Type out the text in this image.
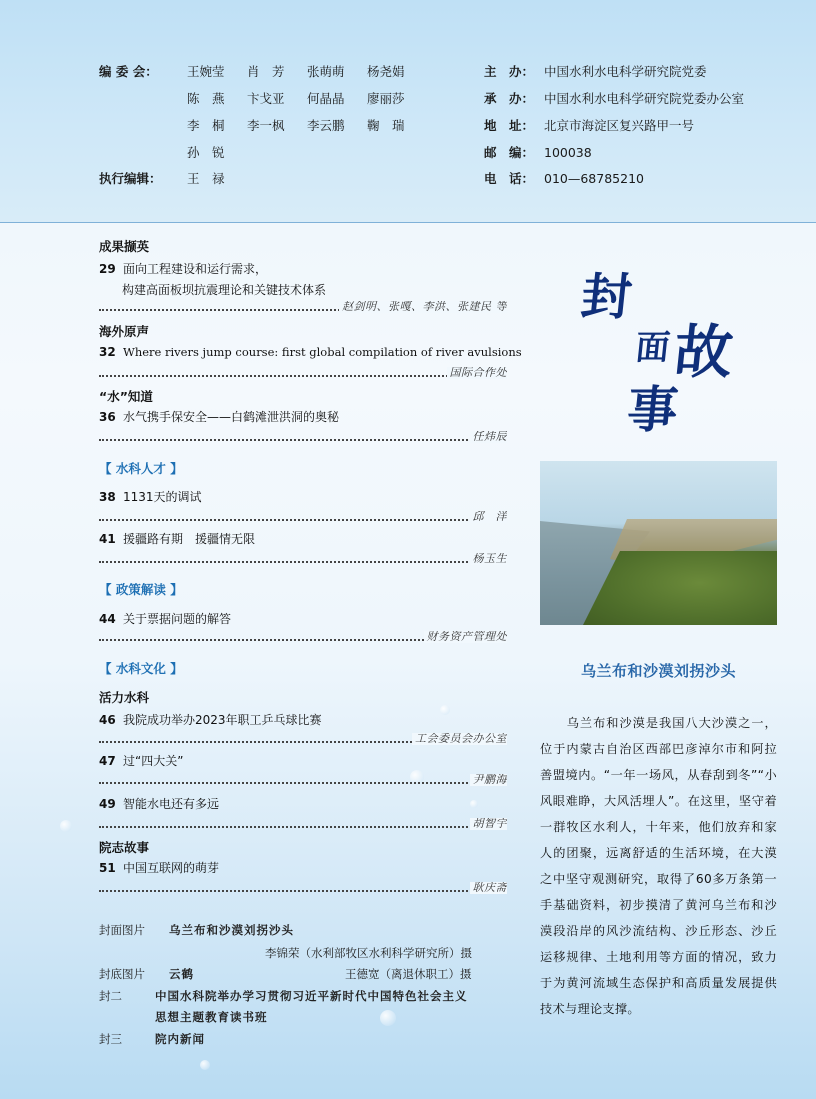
编 委 会： 王婉莹 肖　芳 张萌萌 杨尧娟
陈　燕 卞戈亚 何晶晶 廖丽莎
李　桐 李一枫 李云鹏 鞠　瑞
孙　锐
执行编辑： 王　禄
主　办： 中国水利水电科学研究院党委
承　办： 中国水利水电科学研究院党委办公室
地　址： 北京市海淀区复兴路甲一号
邮　编： 100038
电　话： 010—68785210
成果撷英
29 面向工程建设和运行需求，
构建高面板坝抗震理论和关键技术体系
赵剑明、张嘎、李洪、张建民 等
海外原声
32 Where rivers jump course: first global compilation of river avulsions
国际合作处
“水”知道
36 水气携手保安全——白鹤滩泄洪洞的奥秘
任炜辰
【 水科人才 】
38 1131天的调试
邱　洋
41 援疆路有期　援疆情无限
杨玉生
【 政策解读 】
44 关于票据问题的解答
财务资产管理处
【 水科文化 】
活力水科
46 我院成功举办2023年职工乒乓球比赛
工会委员会办公室
47 过“四大关”
尹鹏海
49 智能水电还有多远
胡智宇
院志故事
51 中国互联网的萌芽
耿庆斋
封面图片 乌兰布和沙漠刘拐沙头
李锦荣（水利部牧区水利科学研究所）摄
封底图片 云鹤	王德宽（离退休职工）摄
封二	中国水科院举办学习贯彻习近平新时代中国特色社会主义
思想主题教育读书班
封三	院内新闻
封
面 故
事
乌兰布和沙漠刘拐沙头
乌兰布和沙漠是我国八大沙漠之一，位于内蒙古自治区西部巴彦淖尔市和阿拉善盟境内。“一年一场风，从春刮到冬”“小风眼难睁，大风活埋人”。在这里，坚守着一群牧区水利人，十年来，他们放弃和家人的团聚，远离舒适的生活环境，在大漠之中坚守观测研究，取得了60多万条第一手基础资料，初步摸清了黄河乌兰布和沙漠段沿岸的风沙流结构、沙丘形态、沙丘运移规律、土地利用等方面的情况，致力于为黄河流域生态保护和高质量发展提供技术与理论支撑。
